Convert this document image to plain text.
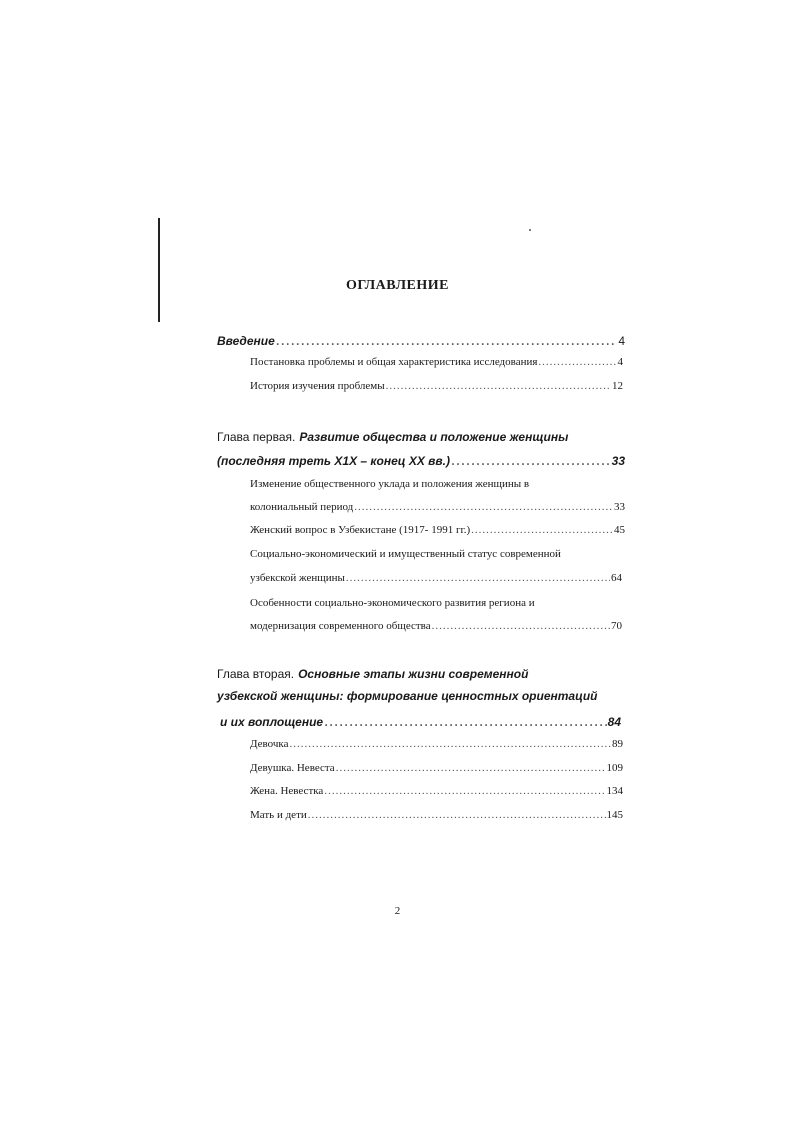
ОГЛАВЛЕНИЕ
Введение .....	4
Постановка проблемы и общая характеристика исследования .....	4
История изучения проблемы .....	12
Глава первая. Развитие общества и положение женщины
(последняя треть Х1Х – конец ХХ вв.) .....	33
Изменение общественного уклада и положения женщины в
колониальный период .....	33
Женский вопрос в Узбекистане (1917- 1991 гг.) .....	45
Социально-экономический и имущественный статус современной
узбекской женщины .....	64
Особенности социально-экономического развития региона и
модернизация современного общества .....	70
Глава вторая. Основные этапы жизни современной
узбекской женщины: формирование ценностных ориентаций
и их воплощение .....	84
Девочка .....	89
Девушка. Невеста .....	109
Жена. Невестка .....	134
Мать и дети .....	145
2
